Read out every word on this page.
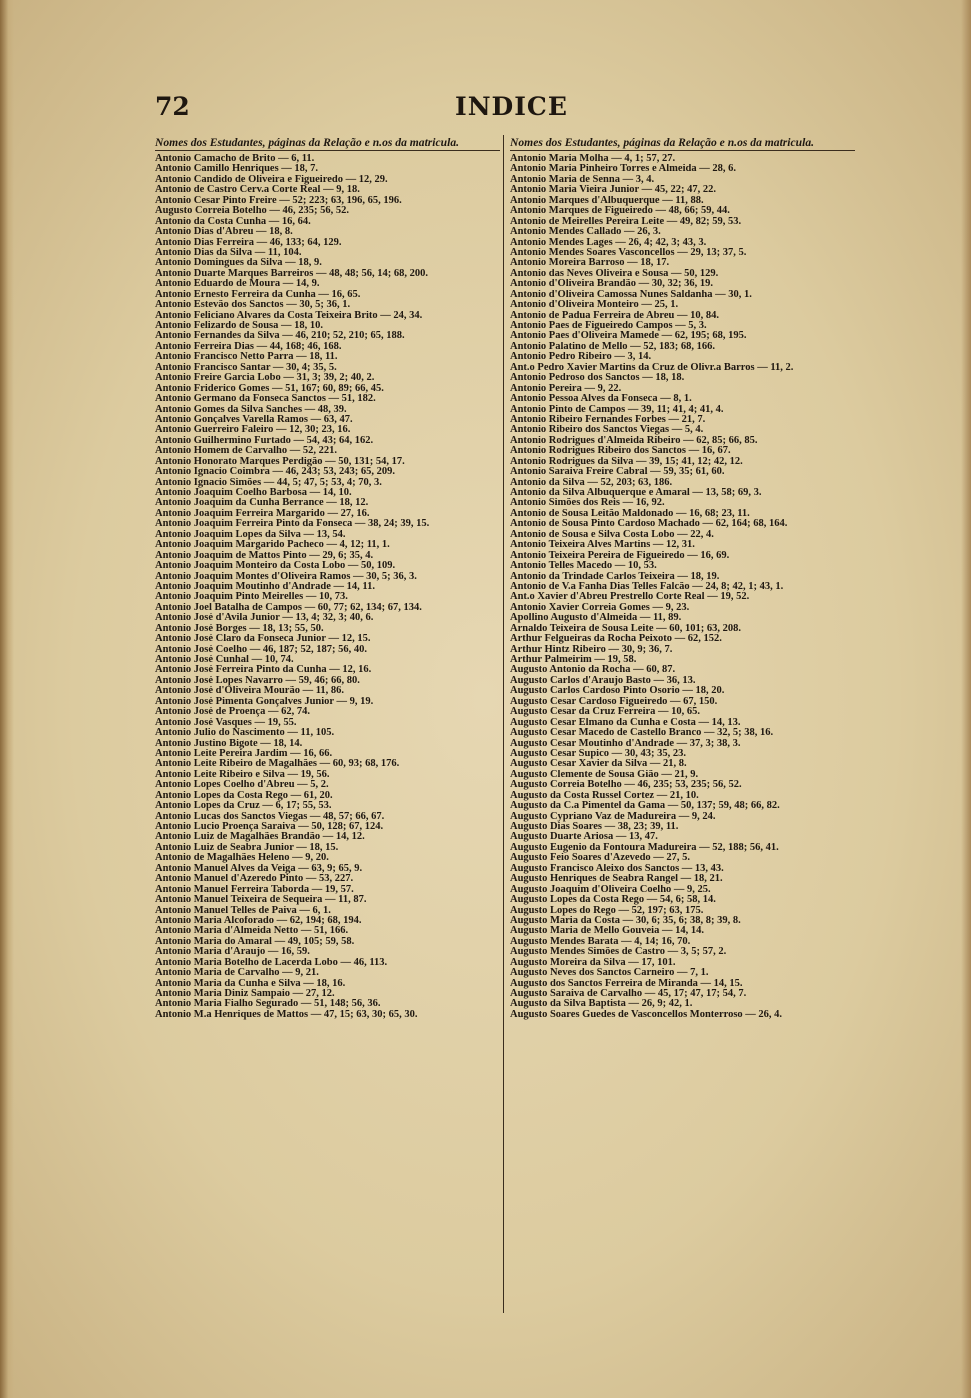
72	INDICE
Nomes dos Estudantes, páginas da Relação e n.os da matricula.
Antonio Camacho de Brito — 6, 11.
Antonio Camillo Henriques — 18, 7.
Antonio Candido de Oliveira e Figueiredo — 12, 29.
Antonio de Castro Cerv.a Corte Real — 9, 18.
Antonio Cesar Pinto Freire — 52; 223; 63, 196, 65, 196.
Augusto Correia Botelho — 46, 235; 56, 52.
Antonio da Costa Cunha — 16, 64.
Antonio Dias d'Abreu — 18, 8.
Antonio Dias Ferreira — 46, 133; 64, 129.
Antonio Dias da Silva — 11, 104.
Antonio Domingues da Silva — 18, 9.
Antonio Duarte Marques Barreiros — 48, 48; 56, 14; 68, 200.
Antonio Eduardo de Moura — 14, 9.
Antonio Ernesto Ferreira da Cunha — 16, 65.
Antonio Estevão dos Sanctos — 30, 5; 36, 1.
Antonio Feliciano Alvares da Costa Teixeira Brito — 24, 34.
Antonio Felizardo de Sousa — 18, 10.
Antonio Fernandes da Silva — 46, 210; 52, 210; 65, 188.
Antonio Ferreira Dias — 44, 168; 46, 168.
Antonio Francisco Netto Parra — 18, 11.
Antonio Francisco Santar — 30, 4; 35, 5.
Antonio Freire Garcia Lobo — 31, 3; 39, 2; 40, 2.
Antonio Friderico Gomes — 51, 167; 60, 89; 66, 45.
Antonio Germano da Fonseca Sanctos — 51, 182.
Antonio Gomes da Silva Sanches — 48, 39.
Antonio Gonçalves Varella Ramos — 63, 47.
Antonio Guerreiro Faleiro — 12, 30; 23, 16.
Antonio Guilhermino Furtado — 54, 43; 64, 162.
Antonio Homem de Carvalho — 52, 221.
Antonio Honorato Marques Perdigão — 50, 131; 54, 17.
Antonio Ignacio Coimbra — 46, 243; 53, 243; 65, 209.
Antonio Ignacio Simões — 44, 5; 47, 5; 53, 4; 70, 3.
Antonio Joaquim Coelho Barbosa — 14, 10.
Antonio Joaquim da Cunha Berrance — 18, 12.
Antonio Joaquim Ferreira Margarido — 27, 16.
Antonio Joaquim Ferreira Pinto da Fonseca — 38, 24; 39, 15.
Antonio Joaquim Lopes da Silva — 13, 54.
Antonio Joaquim Margarido Pacheco — 4, 12; 11, 1.
Antonio Joaquim de Mattos Pinto — 29, 6; 35, 4.
Antonio Joaquim Monteiro da Costa Lobo — 50, 109.
Antonio Joaquim Montes d'Oliveira Ramos — 30, 5; 36, 3.
Antonio Joaquim Moutinho d'Andrade — 14, 11.
Antonio Joaquim Pinto Meirelles — 10, 73.
Antonio Joel Batalha de Campos — 60, 77; 62, 134; 67, 134.
Antonio José d'Avila Junior — 13, 4; 32, 3; 40, 6.
Antonio José Borges — 18, 13; 55, 50.
Antonio José Claro da Fonseca Junior — 12, 15.
Antonio José Coelho — 46, 187; 52, 187; 56, 40.
Antonio José Cunhal — 10, 74.
Antonio José Ferreira Pinto da Cunha — 12, 16.
Antonio José Lopes Navarro — 59, 46; 66, 80.
Antonio José d'Oliveira Mourão — 11, 86.
Antonio José Pimenta Gonçalves Junior — 9, 19.
Antonio José de Proença — 62, 74.
Antonio José Vasques — 19, 55.
Antonio Julio do Nascimento — 11, 105.
Antonio Justino Bigote — 18, 14.
Antonio Leite Pereira Jardim — 16, 66.
Antonio Leite Ribeiro de Magalhães — 60, 93; 68, 176.
Antonio Leite Ribeiro e Silva — 19, 56.
Antonio Lopes Coelho d'Abreu — 5, 2.
Antonio Lopes da Costa Rego — 61, 20.
Antonio Lopes da Cruz — 6, 17; 55, 53.
Antonio Lucas dos Sanctos Viegas — 48, 57; 66, 67.
Antonio Lucio Proença Saraiva — 50, 128; 67, 124.
Antonio Luiz de Magalhães Brandão — 14, 12.
Antonio Luiz de Seabra Junior — 18, 15.
Antonio de Magalhães Heleno — 9, 20.
Antonio Manuel Alves da Veiga — 63, 9; 65, 9.
Antonio Manuel d'Azeredo Pinto — 53, 227.
Antonio Manuel Ferreira Taborda — 19, 57.
Antonio Manuel Teixeira de Sequeira — 11, 87.
Antonio Manuel Telles de Paiva — 6, 1.
Antonio Maria Alcoforado — 62, 194; 68, 194.
Antonio Maria d'Almeida Netto — 51, 166.
Antonio Maria do Amaral — 49, 105; 59, 58.
Antonio Maria d'Araujo — 16, 59.
Antonio Maria Botelho de Lacerda Lobo — 46, 113.
Antonio Maria de Carvalho — 9, 21.
Antonio Maria da Cunha e Silva — 18, 16.
Antonio Maria Diniz Sampaio — 27, 12.
Antonio Maria Fialho Segurado — 51, 148; 56, 36.
Antonio M.a Henriques de Mattos — 47, 15; 63, 30; 65, 30.
Nomes dos Estudantes, páginas da Relação e n.os da matricula.
Antonio Maria Molha — 4, 1; 57, 27.
Antonio Maria Pinheiro Torres e Almeida — 28, 6.
Antonio Maria de Senna — 3, 4.
Antonio Maria Vieira Junior — 45, 22; 47, 22.
Antonio Marques d'Albuquerque — 11, 88.
Antonio Marques de Figueiredo — 48, 66; 59, 44.
Antonio de Meirelles Pereira Leite — 49, 82; 59, 53.
Antonio Mendes Callado — 26, 3.
Antonio Mendes Lages — 26, 4; 42, 3; 43, 3.
Antonio Mendes Soares Vasconcellos — 29, 13; 37, 5.
Antonio Moreira Barroso — 18, 17.
Antonio das Neves Oliveira e Sousa — 50, 129.
Antonio d'Oliveira Brandão — 30, 32; 36, 19.
Antonio d'Oliveira Camossa Nunes Saldanha — 30, 1.
Antonio d'Oliveira Monteiro — 25, 1.
Antonio de Padua Ferreira de Abreu — 10, 84.
Antonio Paes de Figueiredo Campos — 5, 3.
Antonio Paes d'Oliveira Mamede — 62, 195; 68, 195.
Antonio Palatino de Mello — 52, 183; 68, 166.
Antonio Pedro Ribeiro — 3, 14.
Ant.o Pedro Xavier Martins da Cruz de Olivr.a Barros — 11, 2.
Antonio Pedroso dos Sanctos — 18, 18.
Antonio Pereira — 9, 22.
Antonio Pessoa Alves da Fonseca — 8, 1.
Antonio Pinto de Campos — 39, 11; 41, 4; 41, 4.
Antonio Ribeiro Fernandes Forbes — 21, 7.
Antonio Ribeiro dos Sanctos Viegas — 5, 4.
Antonio Rodrigues d'Almeida Ribeiro — 62, 85; 66, 85.
Antonio Rodrigues Ribeiro dos Sanctos — 16, 67.
Antonio Rodrigues da Silva — 39, 15; 41, 12; 42, 12.
Antonio Saraiva Freire Cabral — 59, 35; 61, 60.
Antonio da Silva — 52, 203; 63, 186.
Antonio da Silva Albuquerque e Amaral — 13, 58; 69, 3.
Antonio Simões dos Reis — 16, 92.
Antonio de Sousa Leitão Maldonado — 16, 68; 23, 11.
Antonio de Sousa Pinto Cardoso Machado — 62, 164; 68, 164.
Antonio de Sousa e Silva Costa Lobo — 22, 4.
Antonio Teixeira Alves Martins — 12, 31.
Antonio Teixeira Pereira de Figueiredo — 16, 69.
Antonio Telles Macedo — 10, 53.
Antonio da Trindade Carlos Teixeira — 18, 19.
Antonio de V.a Fanha Dias Telles Falcão — 24, 8; 42, 1; 43, 1.
Ant.o Xavier d'Abreu Prestrello Corte Real — 19, 52.
Antonio Xavier Correia Gomes — 9, 23.
Apollino Augusto d'Almeida — 11, 89.
Arnaldo Teixeira de Sousa Leite — 60, 101; 63, 208.
Arthur Felgueiras da Rocha Peixoto — 62, 152.
Arthur Hintz Ribeiro — 30, 9; 36, 7.
Arthur Palmeirim — 19, 58.
Augusto Antonio da Rocha — 60, 87.
Augusto Carlos d'Araujo Basto — 36, 13.
Augusto Carlos Cardoso Pinto Osorio — 18, 20.
Augusto Cesar Cardoso Figueiredo — 67, 150.
Augusto Cesar da Cruz Ferreira — 10, 65.
Augusto Cesar Elmano da Cunha e Costa — 14, 13.
Augusto Cesar Macedo de Castello Branco — 32, 5; 38, 16.
Augusto Cesar Moutinho d'Andrade — 37, 3; 38, 3.
Augusto Cesar Supico — 30, 43; 35, 23.
Augusto Cesar Xavier da Silva — 21, 8.
Augusto Clemente de Sousa Gião — 21, 9.
Augusto Correia Botelho — 46, 235; 53, 235; 56, 52.
Augusto da Costa Russel Cortez — 21, 10.
Augusto da C.a Pimentel da Gama — 50, 137; 59, 48; 66, 82.
Augusto Cypriano Vaz de Madureira — 9, 24.
Augusto Dias Soares — 38, 23; 39, 11.
Augusto Duarte Ariosa — 13, 47.
Augusto Eugenio da Fontoura Madureira — 52, 188; 56, 41.
Augusto Feio Soares d'Azevedo — 27, 5.
Augusto Francisco Aleixo dos Sanctos — 13, 43.
Augusto Henriques de Seabra Rangel — 18, 21.
Augusto Joaquim d'Oliveira Coelho — 9, 25.
Augusto Lopes da Costa Rego — 54, 6; 58, 14.
Augusto Lopes do Rego — 52, 197; 63, 175.
Augusto Maria da Costa — 30, 6; 35, 6; 38, 8; 39, 8.
Augusto Maria de Mello Gouveia — 14, 14.
Augusto Mendes Barata — 4, 14; 16, 70.
Augusto Mendes Simões de Castro — 3, 5; 57, 2.
Augusto Moreira da Silva — 17, 101.
Augusto Neves dos Sanctos Carneiro — 7, 1.
Augusto dos Sanctos Ferreira de Miranda — 14, 15.
Augusto Saraiva de Carvalho — 45, 17; 47, 17; 54, 7.
Augusto da Silva Baptista — 26, 9; 42, 1.
Augusto Soares Guedes de Vasconcellos Monterroso — 26, 4.
